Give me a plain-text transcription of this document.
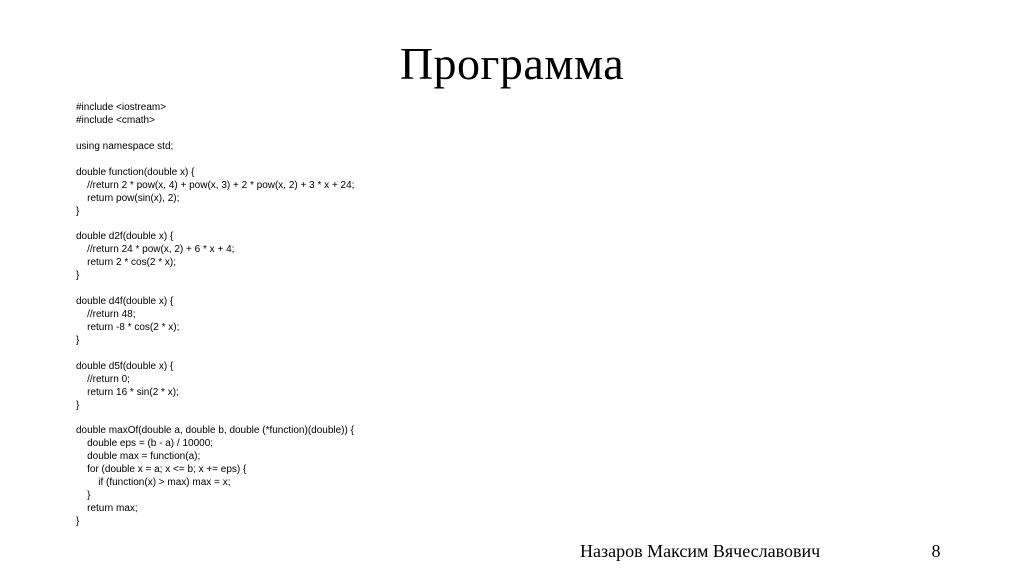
Программа
#include <iostream>
#include <cmath>
using namespace std;
double function(double x) {
//return 2 * pow(x, 4) + pow(x, 3) + 2 * pow(x, 2) + 3 * x + 24;
return pow(sin(x), 2);
}
double d2f(double x) {
//return 24 * pow(x, 2) + 6 * x + 4;
return 2 * cos(2 * x);
}
double d4f(double x) {
//return 48;
return -8 * cos(2 * x);
}
double d5f(double x) {
//return 0;
return 16 * sin(2 * x);
}
double maxOf(double a, double b, double (*function)(double)) {
double eps = (b - a) / 10000;
double max = function(a);
for (double x = a; x <= b; x += eps) {
if (function(x) > max) max = x;
}
return max;
}
Назаров Максим Вячеславович	8
